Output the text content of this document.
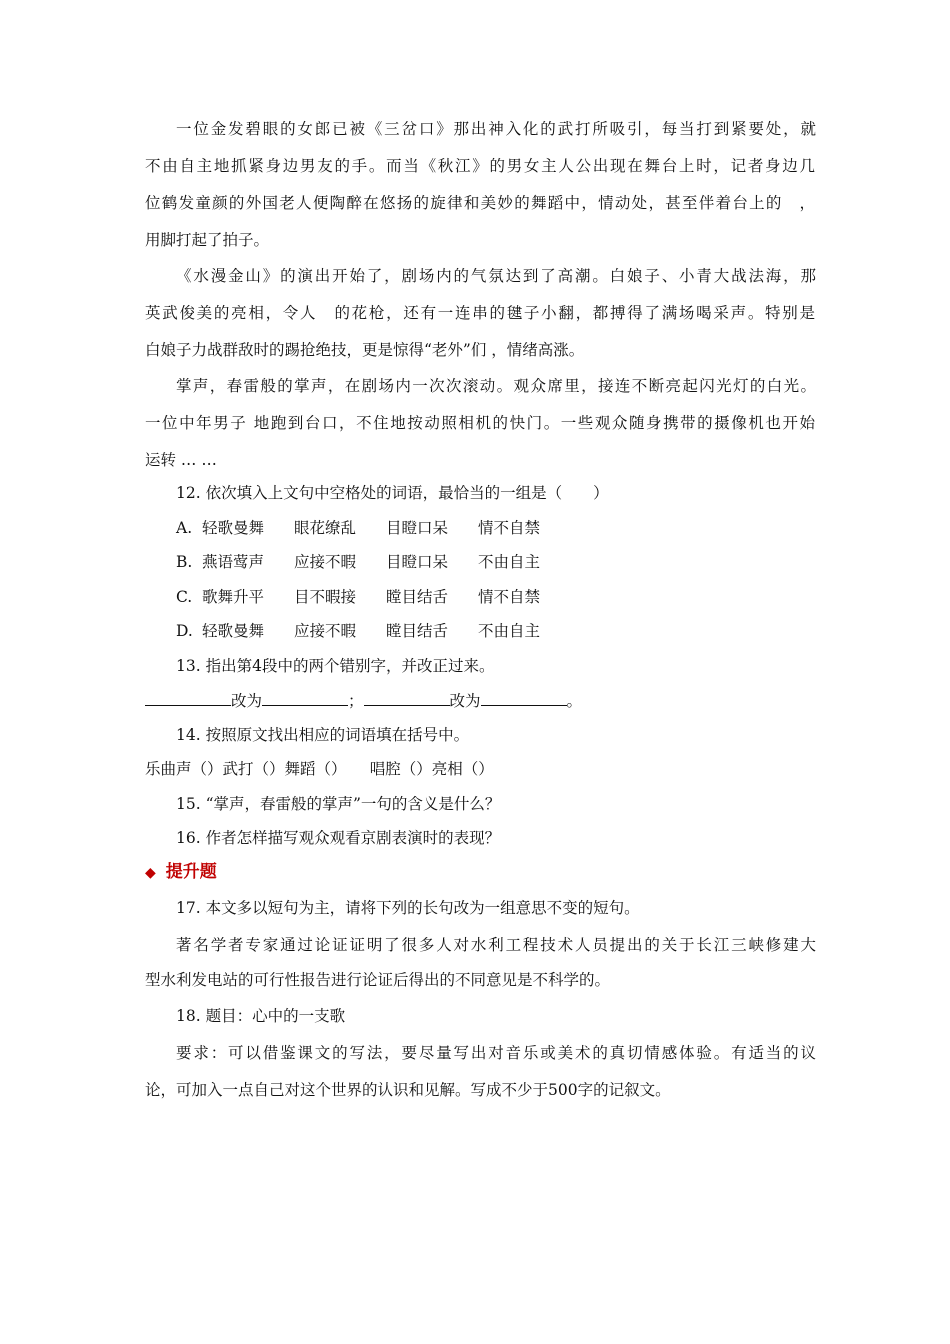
一位金发碧眼的女郎已被《三岔口》那出神入化的武打所吸引，每当打到紧要处，就
不由自主地抓紧身边男友的手。而当《秋江》的男女主人公出现在舞台上时，记者身边几
位鹤发童颜的外国老人便陶醉在悠扬的旋律和美妙的舞蹈中，情动处，甚至伴着台上的　，
用脚打起了拍子。
《水漫金山》的演出开始了，剧场内的气氛达到了高潮。白娘子、小青大战法海，那
英武俊美的亮相，令人　的花枪，还有一连串的毽子小翻，都搏得了满场喝采声。特别是
白娘子力战群敌时的踢抢绝技，更是惊得“老外”们 ，情绪高涨。
掌声，春雷般的掌声，在剧场内一次次滚动。观众席里，接连不断亮起闪光灯的白光。
一位中年男子 地跑到台口，不住地按动照相机的快门。一些观众随身携带的摄像机也开始
运转 … …
12. 依次填入上文句中空格处的词语，最恰当的一组是（　　）
A. 轻歌曼舞 眼花缭乱 目瞪口呆 情不自禁
B. 燕语莺声 应接不暇 目瞪口呆 不由自主
C. 歌舞升平 目不暇接 瞠目结舌 情不自禁
D. 轻歌曼舞 应接不暇 瞠目结舌 不由自主
13. 指出第4段中的两个错别字，并改正过来。
改为	；	改为	。
14. 按照原文找出相应的词语填在括号中。
乐曲声（）武打（）舞蹈（）　　唱腔（）亮相（）
15. “掌声，春雷般的掌声”一句的含义是什么？
16. 作者怎样描写观众观看京剧表演时的表现？
◆ 提升题
17. 本文多以短句为主，请将下列的长句改为一组意思不变的短句。
著名学者专家通过论证证明了很多人对水利工程技术人员提出的关于长江三峡修建大
型水利发电站的可行性报告进行论证后得出的不同意见是不科学的。
18. 题目：心中的一支歌
要求：可以借鉴课文的写法，要尽量写出对音乐或美术的真切情感体验。有适当的议
论，可加入一点自己对这个世界的认识和见解。写成不少于500字的记叙文。
